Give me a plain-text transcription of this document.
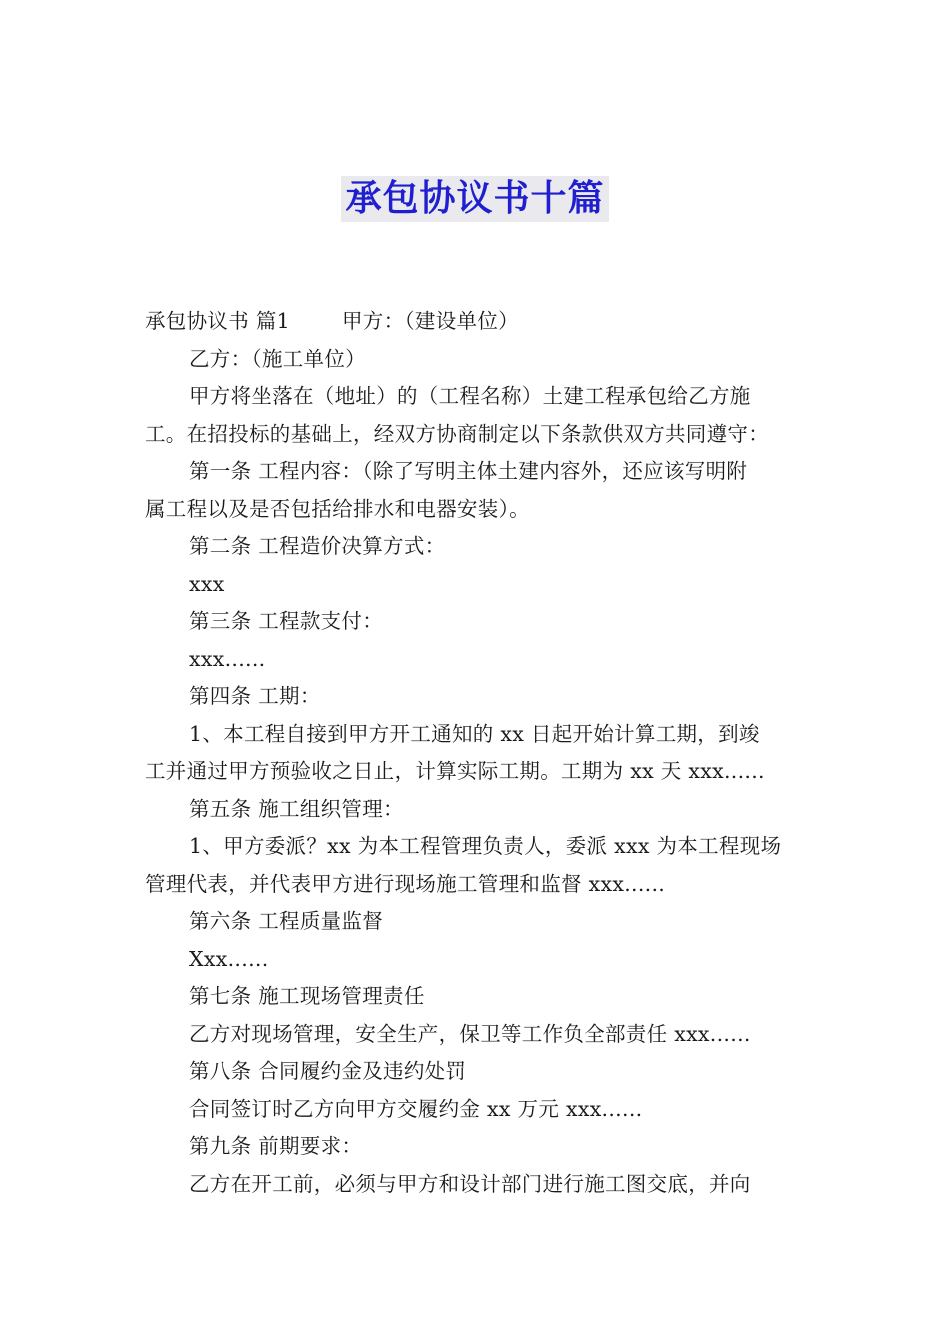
承包协议书十篇
承包协议书 篇1	甲方：（建设单位）
乙方：（施工单位）
甲方将坐落在（地址）的（工程名称）土建工程承包给乙方施
工。在招投标的基础上，经双方协商制定以下条款供双方共同遵守：
第一条 工程内容：（除了写明主体土建内容外，还应该写明附
属工程以及是否包括给排水和电器安装）。
第二条 工程造价决算方式：
xxx
第三条 工程款支付：
xxx......
第四条 工期：
1、本工程自接到甲方开工通知的 xx 日起开始计算工期，到竣
工并通过甲方预验收之日止，计算实际工期。工期为 xx 天 xxx......
第五条 施工组织管理：
1、甲方委派？xx 为本工程管理负责人，委派 xxx 为本工程现场
管理代表，并代表甲方进行现场施工管理和监督 xxx......
第六条 工程质量监督
Xxx......
第七条 施工现场管理责任
乙方对现场管理，安全生产，保卫等工作负全部责任 xxx......
第八条 合同履约金及违约处罚
合同签订时乙方向甲方交履约金 xx 万元 xxx......
第九条 前期要求：
乙方在开工前，必须与甲方和设计部门进行施工图交底，并向
